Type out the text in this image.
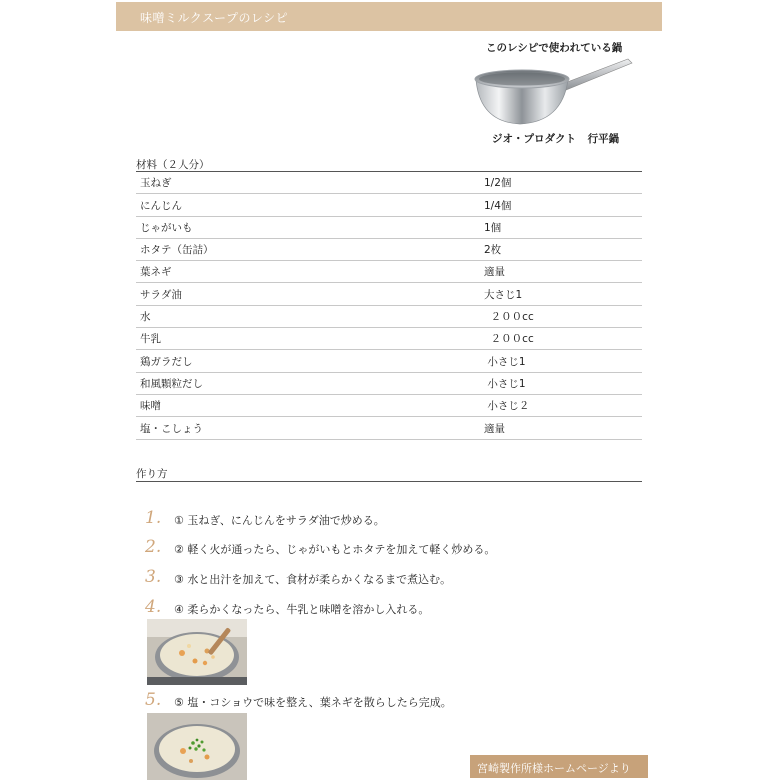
味噌ミルクスープのレシピ
このレシピで使われている鍋
ジオ・プロダクト 行平鍋
材料（２人分）
玉ねぎ	1/2個
にんじん	1/4個
じゃがいも	1個
ホタテ（缶詰）	2枚
葉ネギ	適量
サラダ油	大さじ1
水	２００cc
牛乳	２００cc
鶏ガラだし	小さじ1
和風顆粒だし	小さじ1
味噌	小さじ２
塩・こしょう	適量
作り方
1. ① 玉ねぎ、にんじんをサラダ油で炒める。
2. ② 軽く火が通ったら、じゃがいもとホタテを加えて軽く炒める。
3. ③ 水と出汁を加えて、食材が柔らかくなるまで煮込む。
4. ④ 柔らかくなったら、牛乳と味噌を溶かし入れる。
5. ⑤ 塩・コショウで味を整え、葉ネギを散らしたら完成。
宮崎製作所様ホームページより
